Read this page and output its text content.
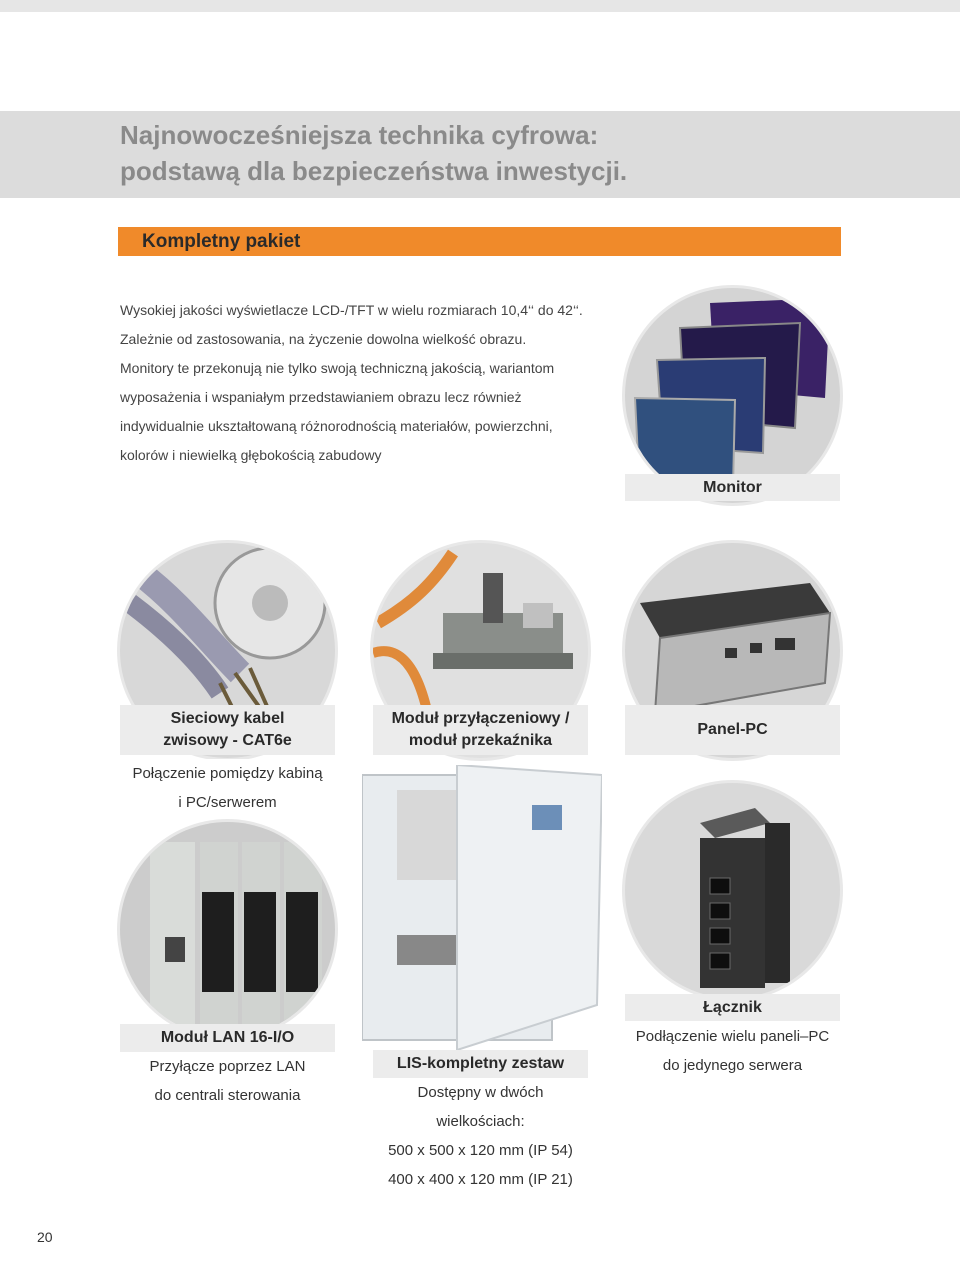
Najnowocześniejsza technika cyfrowa:
podstawą dla bezpieczeństwa inwestycji.
Kompletny pakiet

Wysokiej jakości wyświetlacze LCD-/TFT w wielu rozmiarach 10,4‘‘ do 42‘‘. Zależnie od zastosowania, na życzenie dowolna wielkość obrazu.

Monitory te przekonują nie tylko swoją techniczną jakością, wariantom wyposażenia i wspaniałym przedstawianiem obrazu lecz również indywidualnie ukształtowaną różnorodnością materiałów, powierzchni, kolorów i niewielką głębokością zabudowy

Monitor
Sieciowy kabel
zwisowy - CAT6e
Połączenie pomiędzy kabiną
i PC/serwerem
Moduł przyłączeniowy /
moduł przekaźnika
Panel-PC
Moduł LAN 16-I/O
Przyłącze poprzez LAN
do centrali sterowania
LIS-kompletny zestaw
Dostępny w dwóch
wielkościach:
500 x 500 x 120 mm (IP 54)
400 x 400 x 120 mm (IP 21)
Łącznik
Podłączenie wielu paneli–PC
do jedynego serwera
20
